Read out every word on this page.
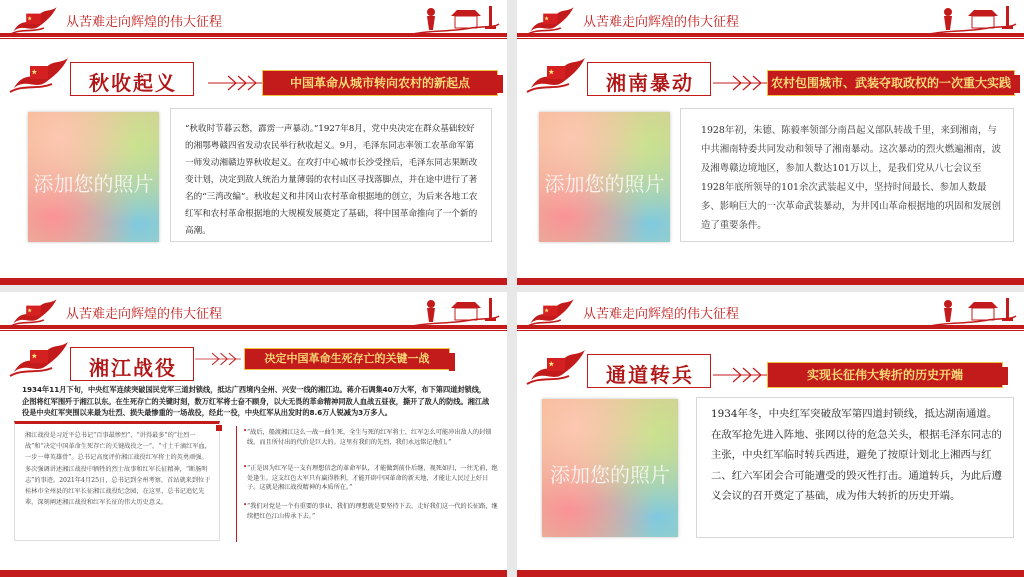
从苦难走向辉煌的伟大征程
秋收起义	中国革命从城市转向农村的新起点
添加您的照片
“秋收时节暮云愁，霹雳一声暴动。”1927年8月，党中央决定在群众基础较好的湘鄂粤赣四省发动农民举行秋收起义。9月，毛泽东同志率领工农革命军第一师发动湘赣边界秋收起义。在攻打中心城市长沙受挫后，毛泽东同志果断改变计划，决定到敌人统治力量薄弱的农村山区寻找落脚点，并在途中进行了著名的“三湾改编”。秋收起义和井冈山农村革命根据地的创立，为后来各地工农红军和农村革命根据地的大规模发展奠定了基础，将中国革命推向了一个新的高潮。
从苦难走向辉煌的伟大征程
湘南暴动	农村包围城市、武装夺取政权的一次重大实践
添加您的照片
1928年初，朱德、陈毅率领部分南昌起义部队转战千里，来到湘南，与中共湘南特委共同发动和领导了湘南暴动。这次暴动的烈火燃遍湘南，波及湘粤赣边境地区，参加人数达101万以上，是我们党从八七会议至1928年底所领导的101余次武装起义中，坚持时间最长、参加人数最多、影响巨大的一次革命武装暴动，为井冈山革命根据地的巩固和发展创造了重要条件。
从苦难走向辉煌的伟大征程
湘江战役	决定中国革命生死存亡的关键一战
1934年11月下旬，中央红军连续突破国民党军三道封锁线，抵达广西境内全州、兴安一线的湘江边。蒋介石调集40万大军，布下第四道封锁线，企图将红军围歼于湘江以东。在生死存亡的关键时刻，数万红军将士奋不顾身，以大无畏的革命精神同敌人血战五昼夜，撕开了敌人的防线。湘江战役是中央红军突围以来最为壮烈、损失最惨重的一场战役，经此一役，中央红军从出发时的8.6万人锐减为3万多人。
湘江战役是习近平总书记“百事最惨烈”、“讲得最多”的“壮烈一战”和“决定中国革命生死存亡的关键战役之一”。“寸土千滴红军血，一步一尊英雄骨”。总书记高度评价湘江战役红军将士的英勇顽强。多次强调讲述湘江战役中牺牲的烈士故事和红军长征精神，“断肠明志”的事迹。2021年4月25日，总书记到全州考察，首站就来到位于桂林市全州县的红军长征湘江战役纪念园，在这里，总书记追忆先辈，深刻阐述湘江战役和红军长征的伟大历史意义。
• “战后，船渡湘江这么一战一曲生死，全生与死的红军将士，红军怎么可能冲出敌人的封锁线，而且所付出的代价是巨大的。这里有我们的先烈，我们永远铭记他们。”
• “正是因为红军是一支有理想信念的革命军队，才能做到前仆后继，视死如归，一往无前，绝处逢生。这支红色大军只有赢得胜利，才能开辟中国革命的新天地，才能让人民过上好日子。这就是湘江战役精神的本质所在。”
• “我们对党是一个有重要的事业，我们的理想就是要坚持下去，走好我们这一代的长征路，继续把红色江山传承下去。”
从苦难走向辉煌的伟大征程
通道转兵	实现长征伟大转折的历史开端
添加您的照片
1934年冬，中央红军突破敌军第四道封锁线，抵达湖南通道。在敌军抢先进入阵地、张网以待的危急关头，根据毛泽东同志的主张，中央红军临时转兵西进，避免了按原计划北上湘西与红二、红六军团会合可能遭受的毁灭性打击。通道转兵，为此后遵义会议的召开奠定了基础，成为伟大转折的历史开端。
